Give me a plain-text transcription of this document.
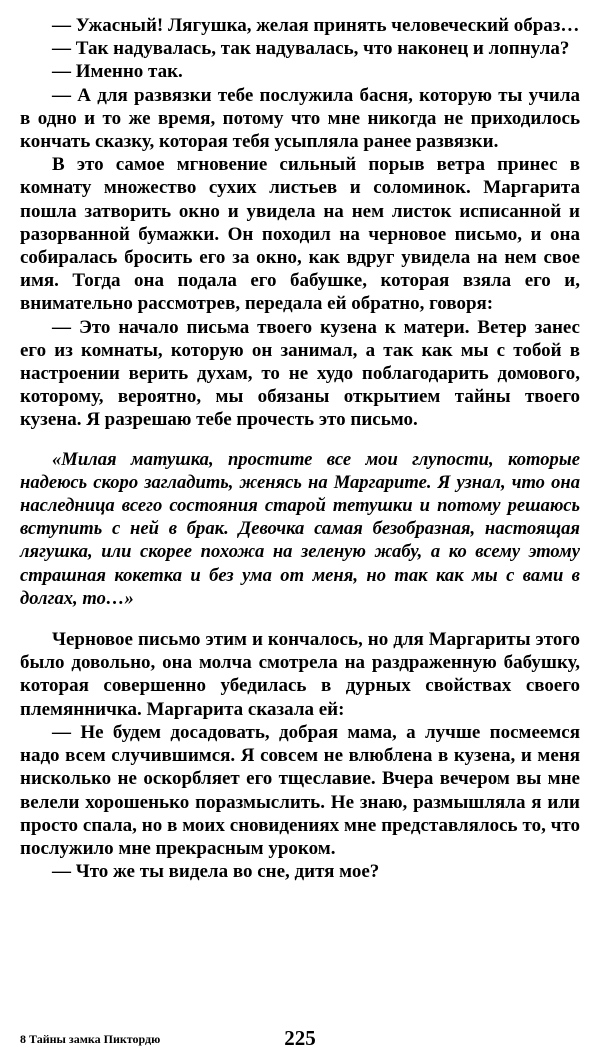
— Ужасный! Лягушка, желая принять человеческий образ…

— Так надувалась, так надувалась, что наконец и лопнула?

— Именно так.

— А для развязки тебе послужила басня, которую ты учила в одно и то же время, потому что мне никогда не приходилось кончать сказку, которая тебя усыпляла ранее развязки.

В это самое мгновение сильный порыв ветра принес в комнату множество сухих листьев и соломинок. Маргарита пошла затворить окно и увидела на нем листок исписанной и разорванной бумажки. Он походил на черновое письмо, и она собиралась бросить его за окно, как вдруг увидела на нем свое имя. Тогда она подала его бабушке, которая взяла его и, внимательно рассмотрев, передала ей обратно, говоря:

— Это начало письма твоего кузена к матери. Ветер занес его из комнаты, которую он занимал, а так как мы с тобой в настроении верить духам, то не худо поблагодарить домового, которому, вероятно, мы обязаны открытием тайны твоего кузена. Я разрешаю тебе прочесть это письмо.

«Милая матушка, простите все мои глупости, которые надеюсь скоро загладить, женясь на Маргарите. Я узнал, что она наследница всего состояния старой тетушки и потому решаюсь вступить с ней в брак. Девочка самая безобразная, настоящая лягушка, или скорее похожа на зеленую жабу, а ко всему этому страшная кокетка и без ума от меня, но так как мы с вами в долгах, то…»

Черновое письмо этим и кончалось, но для Маргариты этого было довольно, она молча смотрела на раздраженную бабушку, которая совершенно убедилась в дурных свойствах своего племянничка. Маргарита сказала ей:

— Не будем досадовать, добрая мама, а лучше посмеемся надо всем случившимся. Я совсем не влюблена в кузена, и меня нисколько не оскорбляет его тщеславие. Вчера вечером вы мне велели хорошенько поразмыслить. Не знаю, размышляла я или просто спала, но в моих сновидениях мне представлялось то, что послужило мне прекрасным уроком.

— Что же ты видела во сне, дитя мое?

8 Тайны замка Пиктордю	225
